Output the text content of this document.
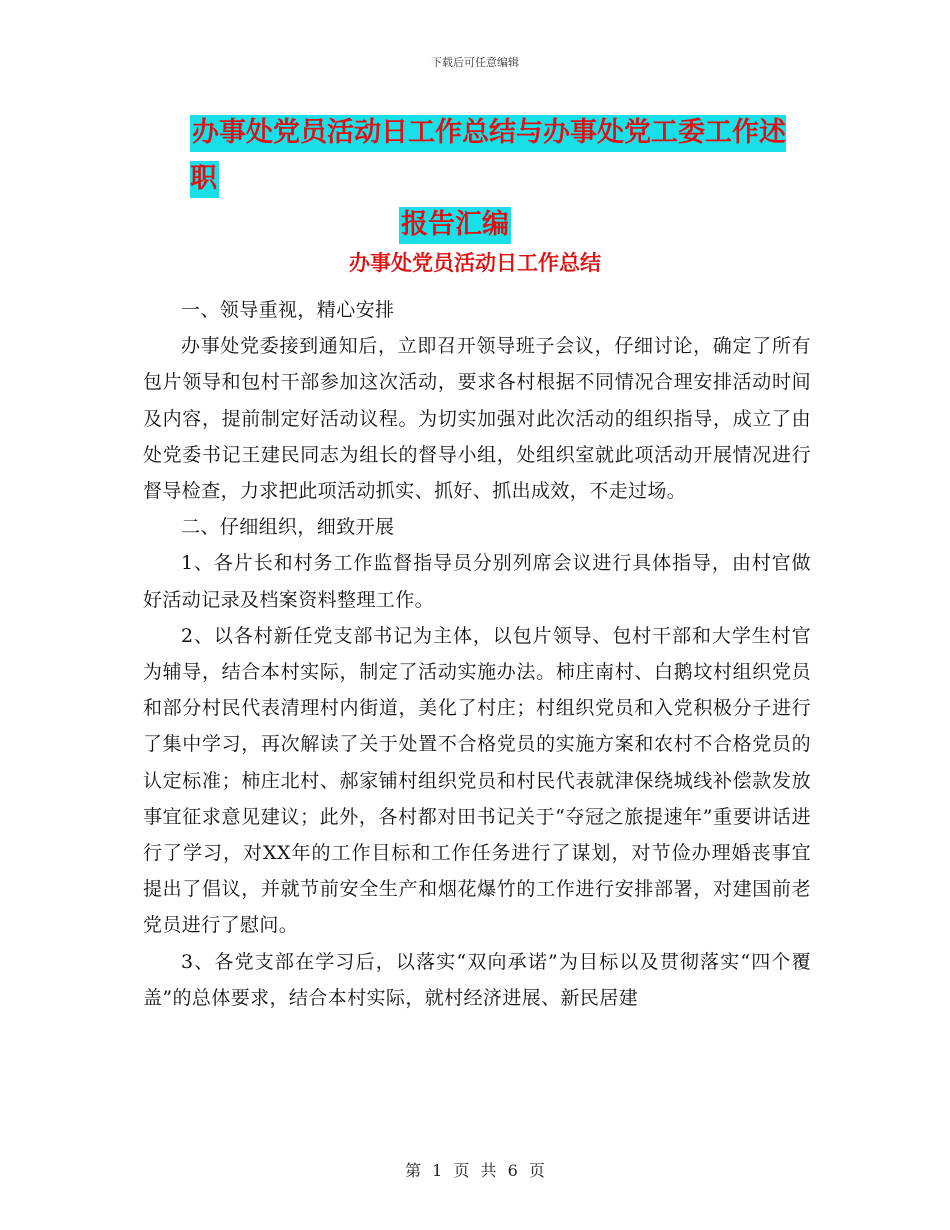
下载后可任意编辑
办事处党员活动日工作总结与办事处党工委工作述职
报告汇编
办事处党员活动日工作总结

一、领导重视，精心安排

办事处党委接到通知后，立即召开领导班子会议，仔细讨论，确定了所有包片领导和包村干部参加这次活动，要求各村根据不同情况合理安排活动时间及内容，提前制定好活动议程。为切实加强对此次活动的组织指导，成立了由处党委书记王建民同志为组长的督导小组，处组织室就此项活动开展情况进行督导检查，力求把此项活动抓实、抓好、抓出成效，不走过场。

二、仔细组织，细致开展

1、各片长和村务工作监督指导员分别列席会议进行具体指导，由村官做好活动记录及档案资料整理工作。

2、以各村新任党支部书记为主体，以包片领导、包村干部和大学生村官为辅导，结合本村实际，制定了活动实施办法。柿庄南村、白鹅坟村组织党员和部分村民代表清理村内街道，美化了村庄；村组织党员和入党积极分子进行了集中学习，再次解读了关于处置不合格党员的实施方案和农村不合格党员的认定标准；柿庄北村、郝家铺村组织党员和村民代表就津保绕城线补偿款发放事宜征求意见建议；此外，各村都对田书记关于“夺冠之旅提速年”重要讲话进行了学习，对XX年的工作目标和工作任务进行了谋划，对节俭办理婚丧事宜提出了倡议，并就节前安全生产和烟花爆竹的工作进行安排部署，对建国前老党员进行了慰问。

3、各党支部在学习后，以落实“双向承诺”为目标以及贯彻落实“四个覆盖”的总体要求，结合本村实际，就村经济进展、新民居建

第 1 页 共 6 页
